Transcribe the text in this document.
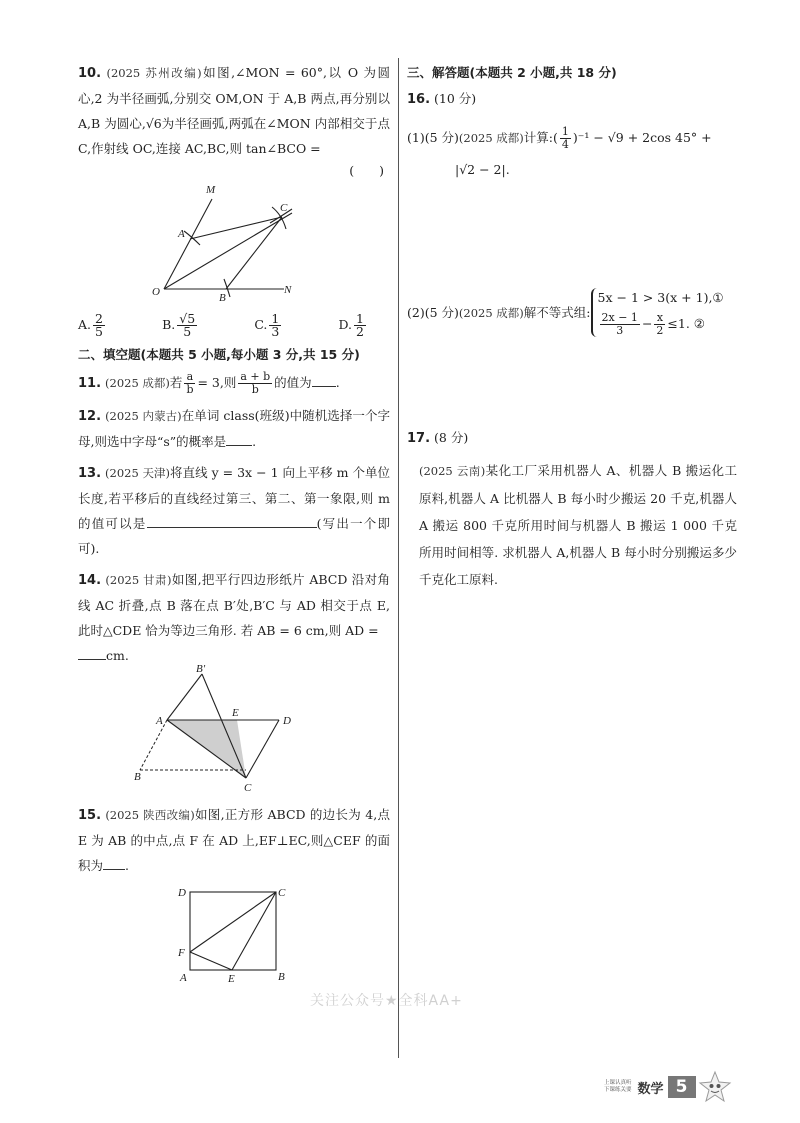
10. (2025 苏州改编)如图,∠MON = 60°,以 O 为圆心,2 为半径画弧,分别交 OM,ON 于 A,B 两点,再分别以 A,B 为圆心,√6为半径画弧,两弧在∠MON 内部相交于点 C,作射线 OC,连接 AC,BC,则 tan∠BCO =
(　　)
M
A
C
O	B
N
A. $\frac{2}{5}$	B. $\frac{√5}{5}$	C. $\frac{1}{3}$	D. $\frac{1}{2}$
二、填空题(本题共 5 小题,每小题 3 分,共 15 分)
11. (2025 成都)若 $\frac{a}{b} = 3$,则 $\frac{a + b}{b}$ 的值为 .
12. (2025 内蒙古)在单词 class(班级)中随机选择一个字母,则选中字母“s”的概率是 .
13. (2025 天津)将直线 y = 3x − 1 向上平移 m 个单位长度,若平移后的直线经过第三、第二、第一象限,则 m 的值可以是	(写出一个即可).
14. (2025 甘肃)如图,把平行四边形纸片 ABCD 沿对角线 AC 折叠,点 B 落在点 B′处,B′C 与 AD 相交于点 E,此时△CDE 恰为等边三角形. 若 AB = 6 cm,则 AD =
cm.
B′
A
E
D
B
C
15. (2025 陕西改编)如图,正方形 ABCD 的边长为 4,点 E 为 AB 的中点,点 F 在 AD 上,EF⊥EC,则△CEF 的面积为 .
D	C
F
A	E	B
三、解答题(本题共 2 小题,共 18 分)
16. (10 分)
(1)(5 分)(2025 成都)计算:( $\frac{1}{4} )^{-1} - √9 + 2\cos$ 45° +
|√2 − 2|.
(2)(5 分) (2025 成都) 解不等式组:
5x − 1 > 3(x + 1),①
$\frac{2x - 1}{3} - \frac{x}{2} \le 1$. ②
17. (8 分)
(2025 云南)某化工厂采用机器人 A、机器人 B 搬运化工原料,机器人 A 比机器人 B 每小时少搬运 20 千克,机器人 A 搬运 800 千克所用时间与机器人 B 搬运 1 000 千克所用时间相等. 求机器人 A,机器人 B 每小时分别搬运多少千克化工原料.
关注公众号★全科AA+
上课认真听
下课练关要 数学 5
